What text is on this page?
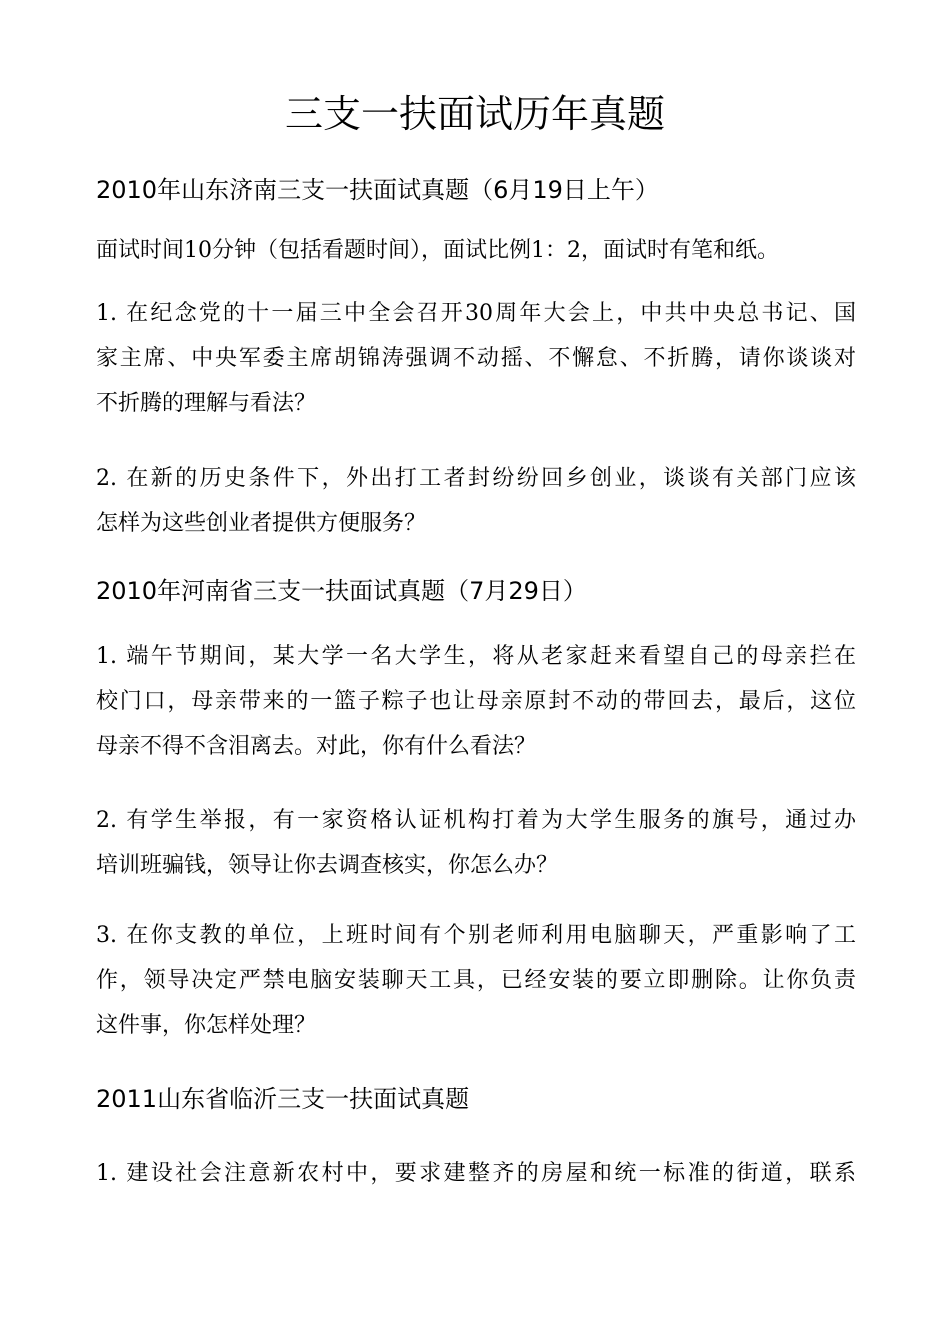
三支一扶面试历年真题
2010年山东济南三支一扶面试真题（6月19日上午）

面试时间10分钟（包括看题时间），面试比例1：2，面试时有笔和纸。

1. 在纪念党的十一届三中全会召开30周年大会上，中共中央总书记、国
家主席、中央军委主席胡锦涛强调不动摇、不懈怠、不折腾，请你谈谈对
不折腾的理解与看法？

2. 在新的历史条件下，外出打工者封纷纷回乡创业，谈谈有关部门应该
怎样为这些创业者提供方便服务？

2010年河南省三支一扶面试真题（7月29日）

1. 端午节期间，某大学一名大学生，将从老家赶来看望自己的母亲拦在
校门口，母亲带来的一篮子粽子也让母亲原封不动的带回去，最后，这位
母亲不得不含泪离去。对此，你有什么看法？

2. 有学生举报，有一家资格认证机构打着为大学生服务的旗号，通过办
培训班骗钱，领导让你去调查核实，你怎么办？

3. 在你支教的单位，上班时间有个别老师利用电脑聊天，严重影响了工
作，领导决定严禁电脑安装聊天工具，已经安装的要立即删除。让你负责
这件事，你怎样处理？

2011山东省临沂三支一扶面试真题

1. 建设社会注意新农村中，要求建整齐的房屋和统一标准的街道，联系
